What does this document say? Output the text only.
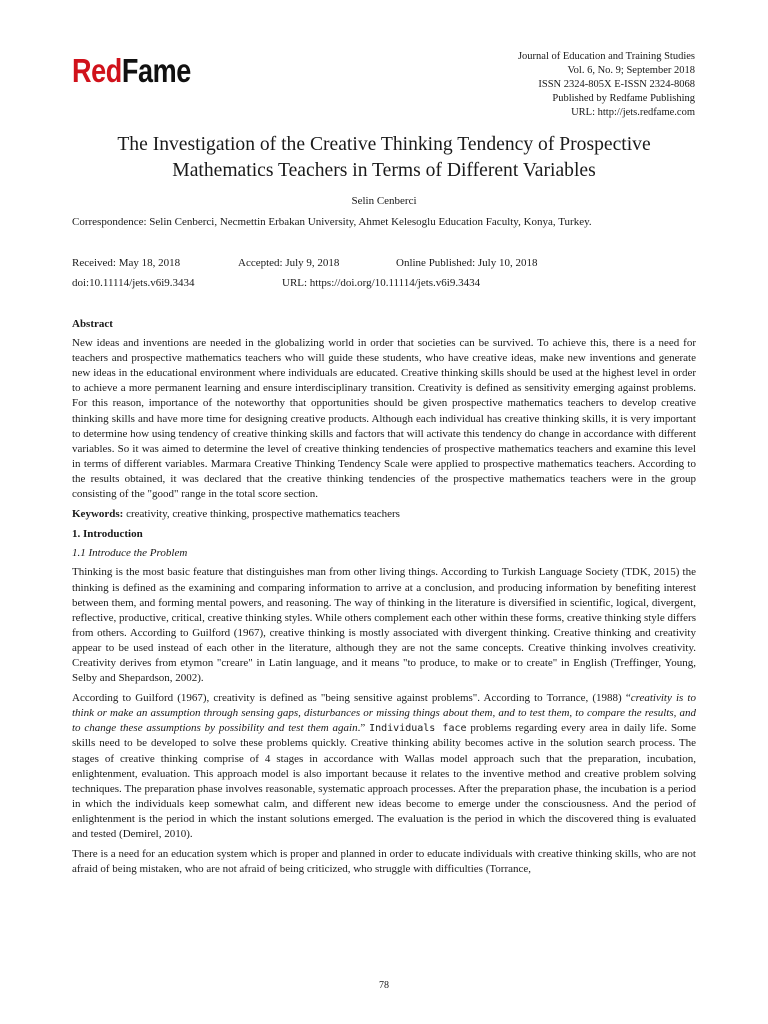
RedFame	Journal of Education and Training Studies
Vol. 6, No. 9; September 2018
ISSN 2324-805X E-ISSN 2324-8068
Published by Redfame Publishing
URL: http://jets.redfame.com
The Investigation of the Creative Thinking Tendency of Prospective
Mathematics Teachers in Terms of Different Variables
Selin Cenberci
Correspondence: Selin Cenberci, Necmettin Erbakan University, Ahmet Kelesoglu Education Faculty, Konya, Turkey.
Received: May 18, 2018	Accepted: July 9, 2018	Online Published: July 10, 2018
doi:10.11114/jets.v6i9.3434	URL: https://doi.org/10.11114/jets.v6i9.3434
Abstract

New ideas and inventions are needed in the globalizing world in order that societies can be survived. To achieve this, there is a need for teachers and prospective mathematics teachers who will guide these students, who have creative ideas, make new inventions and generate new ideas in the educational environment where individuals are educated. Creative thinking skills should be used at the highest level in order to achieve a more permanent learning and ensure interdisciplinary transition. Creativity is defined as sensitivity emerging against problems. For this reason, importance of the noteworthy that opportunities should be given prospective mathematics teachers to develop creative thinking skills and have more time for designing creative products. Although each individual has creative thinking skills, it is very important to determine how using tendency of creative thinking skills and factors that will activate this tendency do change in accordance with different variables. So it was aimed to determine the level of creative thinking tendencies of prospective mathematics teachers and examine this level in terms of different variables. Marmara Creative Thinking Tendency Scale were applied to prospective mathematics teachers. According to the results obtained, it was declared that the creative thinking tendencies of the prospective mathematics teachers were in the group consisting of the "good" range in the total score section.

Keywords: creativity, creative thinking, prospective mathematics teachers

1. Introduction
1.1 Introduce the Problem

Thinking is the most basic feature that distinguishes man from other living things. According to Turkish Language Society (TDK, 2015) the thinking is defined as the examining and comparing information to arrive at a conclusion, and producing information by benefiting interest between them, and forming mental powers, and reasoning. The way of thinking in the literature is diversified in scientific, logical, divergent, reflective, productive, critical, creative thinking styles. While others complement each other within these forms, creative thinking style differs from others. According to Guilford (1967), creative thinking is mostly associated with divergent thinking. Creative thinking and creativity appear to be used instead of each other in the literature, although they are not the same concepts. Creative thinking involves creativity. Creativity derives from etymon "creare" in Latin language, and it means "to produce, to make or to create" in English (Treffinger, Young, Selby and Shepardson, 2002).

According to Guilford (1967), creativity is defined as "being sensitive against problems". According to Torrance, (1988) “creativity is to think or make an assumption through sensing gaps, disturbances or missing things about them, and to test them, to compare the results, and to change these assumptions by possibility and test them again.” Individuals face problems regarding every area in daily life. Some skills need to be developed to solve these problems quickly. Creative thinking ability becomes active in the solution search process. The stages of creative thinking comprise of 4 stages in accordance with Wallas model approach such that the preparation, incubation, enlightenment, evaluation. This approach model is also important because it relates to the inventive method and creative problem solving techniques. The preparation phase involves reasonable, systematic approach processes. After the preparation phase, the incubation is a period in which the individuals keep somewhat calm, and different new ideas become to emerge under the consciousness. And the period of enlightenment is the period in which the instant solutions emerged. The evaluation is the period in which the discovered thing is evaluated and tested (Demirel, 2010).

There is a need for an education system which is proper and planned in order to educate individuals with creative thinking skills, who are not afraid of being mistaken, who are not afraid of being criticized, who struggle with difficulties (Torrance,

78
